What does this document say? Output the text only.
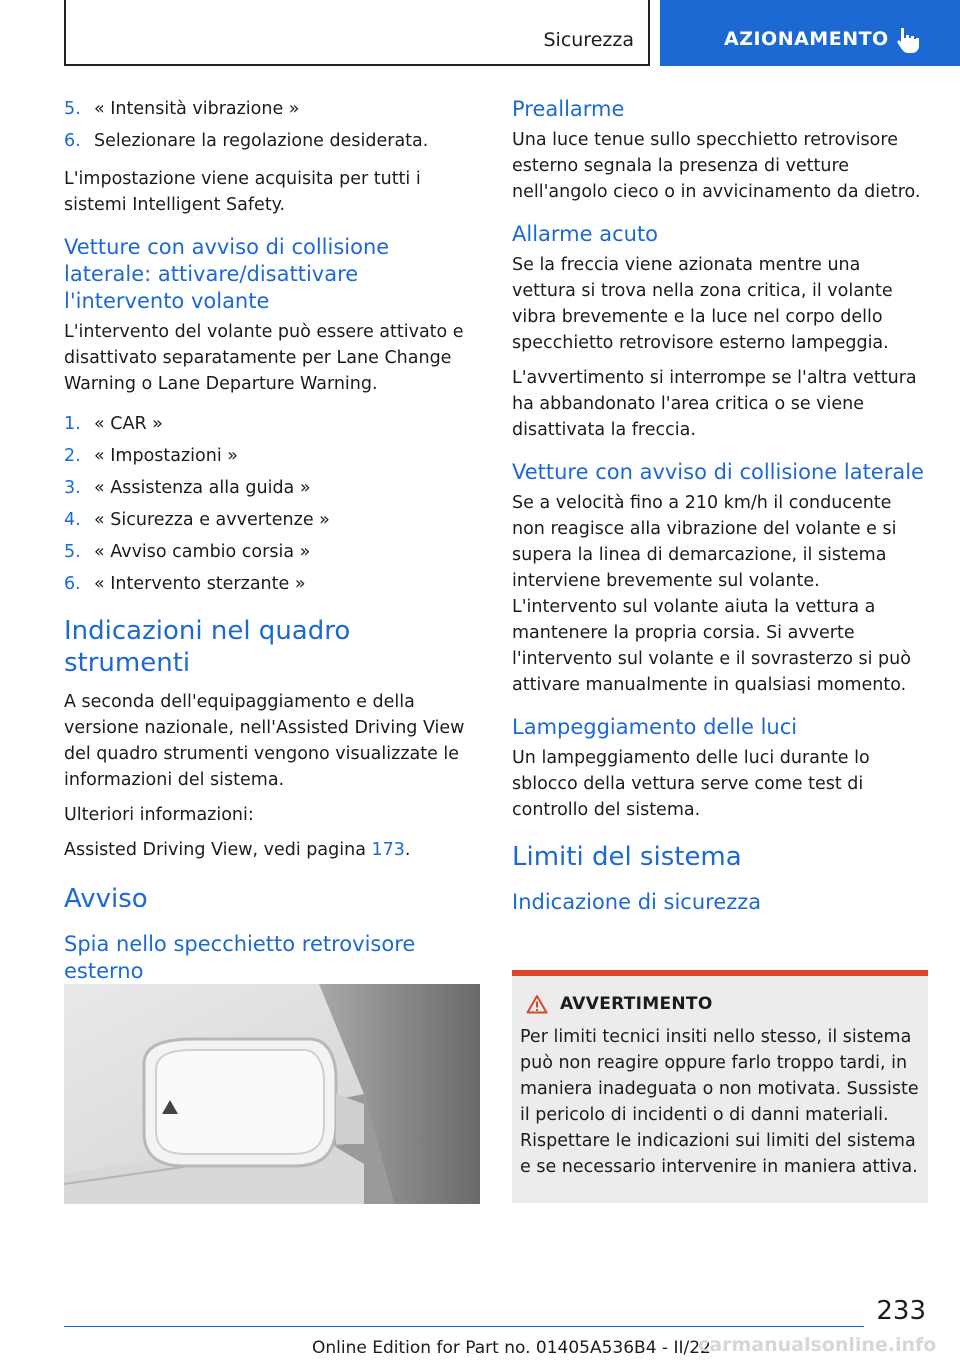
Sicurezza	AZIONAMENTO
5. « Intensità vibrazione »
6. Selezionare la regolazione desiderata.

L'impostazione viene acquisita per tutti i sistemi Intelligent Safety.

Vetture con avviso di collisione laterale: attivare/disattivare l'intervento volante

L'intervento del volante può essere attivato e disattivato separatamente per Lane Change Warning o Lane Departure Warning.

1. « CAR »
2. « Impostazioni »
3. « Assistenza alla guida »
4. « Sicurezza e avvertenze »
5. « Avviso cambio corsia »
6. « Intervento sterzante »
Indicazioni nel quadro strumenti

A seconda dell'equipaggiamento e della versione nazionale, nell'Assisted Driving View del quadro strumenti vengono visualizzate le informazioni del sistema.

Ulteriori informazioni:

Assisted Driving View, vedi pagina 173.

Avviso
Spia nello specchietto retrovisore esterno
Preallarme

Una luce tenue sullo specchietto retrovisore esterno segnala la presenza di vetture nell'angolo cieco o in avvicinamento da dietro.

Allarme acuto

Se la freccia viene azionata mentre una vettura si trova nella zona critica, il volante vibra brevemente e la luce nel corpo dello specchietto retrovisore esterno lampeggia.

L'avvertimento si interrompe se l'altra vettura ha abbandonato l'area critica o se viene disattivata la freccia.

Vetture con avviso di collisione laterale

Se a velocità fino a 210 km/h il conducente non reagisce alla vibrazione del volante e si supera la linea di demarcazione, il sistema interviene brevemente sul volante. L'intervento sul volante aiuta la vettura a mantenere la propria corsia. Si avverte l'intervento sul volante e il sovrasterzo si può attivare manualmente in qualsiasi momento.

Lampeggiamento delle luci

Un lampeggiamento delle luci durante lo sblocco della vettura serve come test di controllo del sistema.

Limiti del sistema
Indicazione di sicurezza
AVVERTIMENTO

Per limiti tecnici insiti nello stesso, il sistema può non reagire oppure farlo troppo tardi, in maniera inadeguata o non motivata. Sussiste il pericolo di incidenti o di danni materiali. Rispettare le indicazioni sui limiti del sistema e se necessario intervenire in maniera attiva.

233
Online Edition for Part no. 01405A536B4 - II/22
carmanualsonline.info
